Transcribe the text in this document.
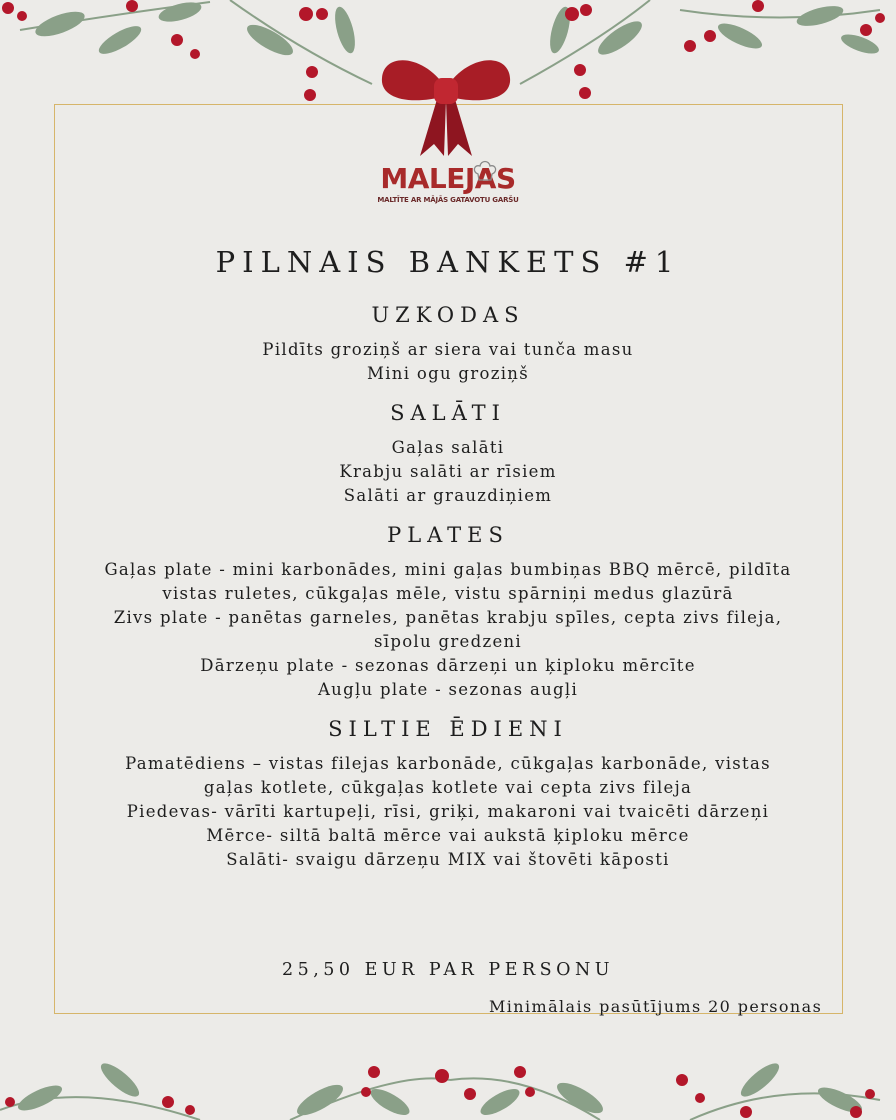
MALEJAS
MALTĪTE AR MĀJĀS GATAVOTU GARŠU
PILNAIS BANKETS #1
UZKODAS
Pildīts groziņš ar siera vai tunča masu
Mini ogu groziņš
SALĀTI
Gaļas salāti
Krabju salāti ar rīsiem
Salāti ar grauzdiņiem
PLATES
Gaļas plate - mini karbonādes, mini gaļas bumbiņas BBQ mērcē, pildīta
vistas ruletes, cūkgaļas mēle, vistu spārniņi medus glazūrā
Zivs plate - panētas garneles, panētas krabju spīles, cepta zivs fileja,
sīpolu gredzeni
Dārzeņu plate - sezonas dārzeņi un ķiploku mērcīte
Augļu plate - sezonas augļi
SILTIE ĒDIENI
Pamatēdiens – vistas filejas karbonāde, cūkgaļas karbonāde, vistas
gaļas kotlete, cūkgaļas kotlete vai cepta zivs fileja
Piedevas- vārīti kartupeļi, rīsi, griķi, makaroni vai tvaicēti dārzeņi
Mērce- siltā baltā mērce vai aukstā ķiploku mērce
Salāti- svaigu dārzeņu MIX vai štovēti kāposti
25,50 EUR PAR PERSONU
Minimālais pasūtījums 20 personas
